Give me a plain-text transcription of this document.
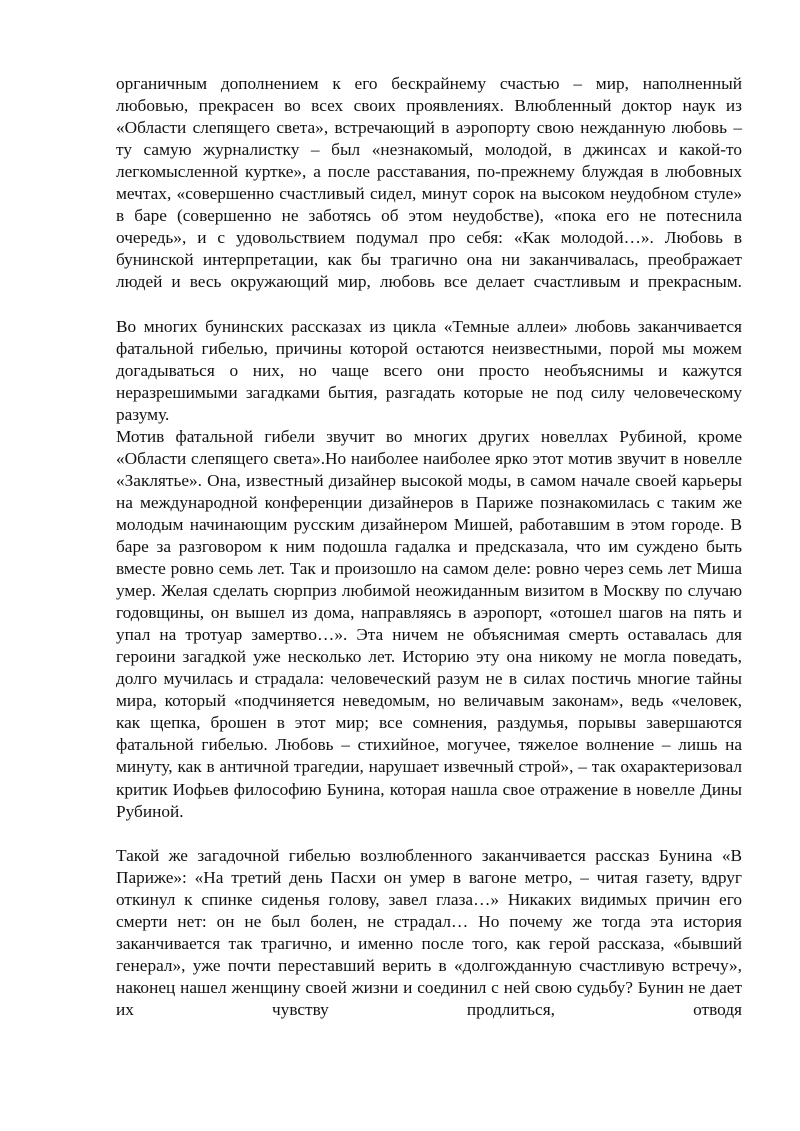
органичным дополнением к его бескрайнему счастью – мир, наполненный любовью, прекрасен во всех своих проявлениях. Влюбленный доктор наук из «Области слепящего света», встречающий в аэропорту свою нежданную любовь – ту самую журналистку – был «незнакомый, молодой, в джинсах и какой-то легкомысленной куртке», а после расставания, по-прежнему блуждая в любовных мечтах, «совершенно счастливый сидел, минут сорок на высоком неудобном стуле» в баре (совершенно не заботясь об этом неудобстве), «пока его не потеснила очередь», и с удовольствием подумал про себя: «Как молодой…». Любовь в бунинской интерпретации, как бы трагично она ни заканчивалась, преображает людей и весь окружающий мир, любовь все делает счастливым и прекрасным.

Во многих бунинских рассказах из цикла «Темные аллеи» любовь заканчивается фатальной гибелью, причины которой остаются неизвестными, порой мы можем догадываться о них, но чаще всего они просто необъяснимы и кажутся неразрешимыми загадками бытия, разгадать которые не под силу человеческому разуму.

Мотив фатальной гибели звучит во многих других новеллах Рубиной, кроме «Области слепящего света».Но наиболее наиболее ярко этот мотив звучит в новелле «Заклятье». Она, известный дизайнер высокой моды, в самом начале своей карьеры на международной конференции дизайнеров в Париже познакомилась с таким же молодым начинающим русским дизайнером Мишей, работавшим в этом городе. В баре за разговором к ним подошла гадалка и предсказала, что им суждено быть вместе ровно семь лет. Так и произошло на самом деле: ровно через семь лет Миша умер. Желая сделать сюрприз любимой неожиданным визитом в Москву по случаю годовщины, он вышел из дома, направляясь в аэропорт, «отошел шагов на пять и упал на тротуар замертво…». Эта ничем не объяснимая смерть оставалась для героини загадкой уже несколько лет. Историю эту она никому не могла поведать, долго мучилась и страдала: человеческий разум не в силах постичь многие тайны мира, который «подчиняется неведомым, но величавым законам», ведь «человек, как щепка, брошен в этот мир; все сомнения, раздумья, порывы завершаются фатальной гибелью. Любовь – стихийное, могучее, тяжелое волнение – лишь на минуту, как в античной трагедии, нарушает извечный строй», – так охарактеризовал критик Иофьев философию Бунина, которая нашла свое отражение в новелле Дины Рубиной.

Такой же загадочной гибелью возлюбленного заканчивается рассказ Бунина «В Париже»: «На третий день Пасхи он умер в вагоне метро, – читая газету, вдруг откинул к спинке сиденья голову, завел глаза…» Никаких видимых причин его смерти нет: он не был болен, не страдал… Но почему же тогда эта история заканчивается так трагично, и именно после того, как герой рассказа, «бывший генерал», уже почти переставший верить в «долгожданную счастливую встречу», наконец нашел женщину своей жизни и соединил с ней свою судьбу? Бунин не дает их чувству продлиться, отводя
